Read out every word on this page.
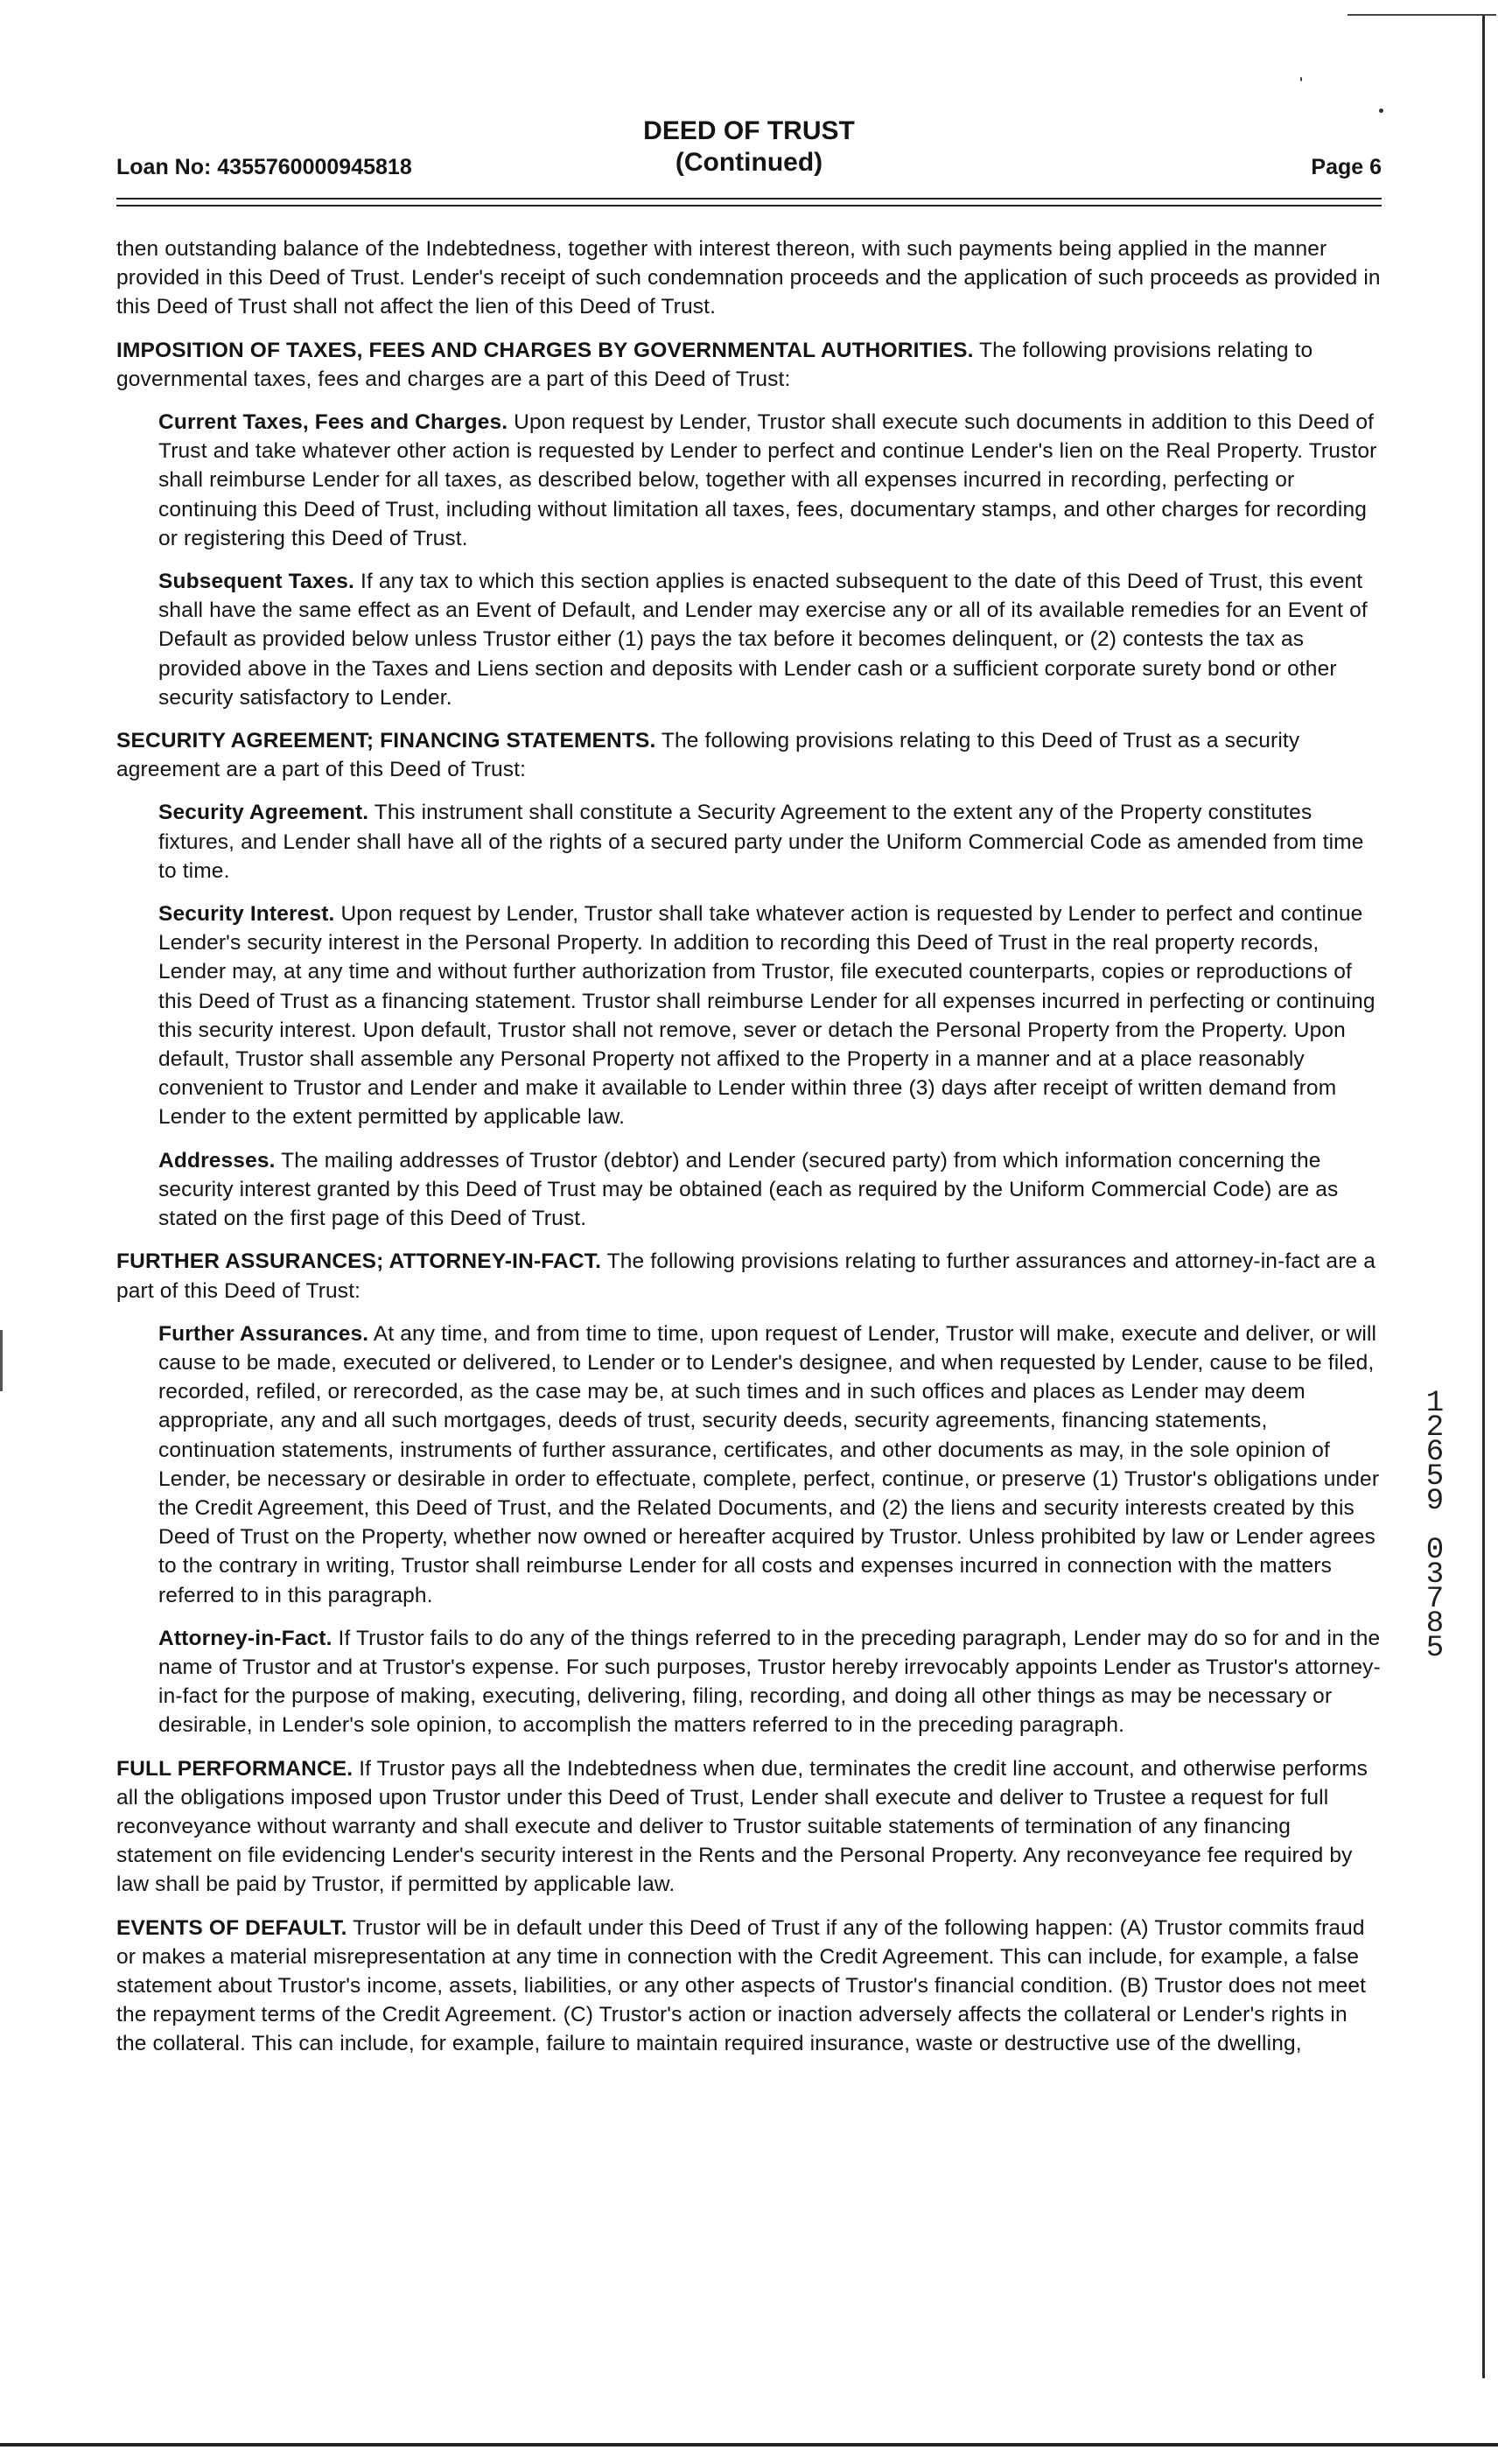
Loan No: 4355760000945818
DEED OF TRUST
(Continued)	Page 6

then outstanding balance of the Indebtedness, together with interest thereon, with such payments being applied in the manner provided in this Deed of Trust. Lender's receipt of such condemnation proceeds and the application of such proceeds as provided in this Deed of Trust shall not affect the lien of this Deed of Trust.

IMPOSITION OF TAXES, FEES AND CHARGES BY GOVERNMENTAL AUTHORITIES. The following provisions relating to governmental taxes, fees and charges are a part of this Deed of Trust:

Current Taxes, Fees and Charges. Upon request by Lender, Trustor shall execute such documents in addition to this Deed of Trust and take whatever other action is requested by Lender to perfect and continue Lender's lien on the Real Property. Trustor shall reimburse Lender for all taxes, as described below, together with all expenses incurred in recording, perfecting or continuing this Deed of Trust, including without limitation all taxes, fees, documentary stamps, and other charges for recording or registering this Deed of Trust.

Subsequent Taxes. If any tax to which this section applies is enacted subsequent to the date of this Deed of Trust, this event shall have the same effect as an Event of Default, and Lender may exercise any or all of its available remedies for an Event of Default as provided below unless Trustor either (1) pays the tax before it becomes delinquent, or (2) contests the tax as provided above in the Taxes and Liens section and deposits with Lender cash or a sufficient corporate surety bond or other security satisfactory to Lender.

SECURITY AGREEMENT; FINANCING STATEMENTS. The following provisions relating to this Deed of Trust as a security agreement are a part of this Deed of Trust:

Security Agreement. This instrument shall constitute a Security Agreement to the extent any of the Property constitutes fixtures, and Lender shall have all of the rights of a secured party under the Uniform Commercial Code as amended from time to time.

Security Interest. Upon request by Lender, Trustor shall take whatever action is requested by Lender to perfect and continue Lender's security interest in the Personal Property. In addition to recording this Deed of Trust in the real property records, Lender may, at any time and without further authorization from Trustor, file executed counterparts, copies or reproductions of this Deed of Trust as a financing statement. Trustor shall reimburse Lender for all expenses incurred in perfecting or continuing this security interest. Upon default, Trustor shall not remove, sever or detach the Personal Property from the Property. Upon default, Trustor shall assemble any Personal Property not affixed to the Property in a manner and at a place reasonably convenient to Trustor and Lender and make it available to Lender within three (3) days after receipt of written demand from Lender to the extent permitted by applicable law.

Addresses. The mailing addresses of Trustor (debtor) and Lender (secured party) from which information concerning the security interest granted by this Deed of Trust may be obtained (each as required by the Uniform Commercial Code) are as stated on the first page of this Deed of Trust.

FURTHER ASSURANCES; ATTORNEY-IN-FACT. The following provisions relating to further assurances and attorney-in-fact are a part of this Deed of Trust:

Further Assurances. At any time, and from time to time, upon request of Lender, Trustor will make, execute and deliver, or will cause to be made, executed or delivered, to Lender or to Lender's designee, and when requested by Lender, cause to be filed, recorded, refiled, or rerecorded, as the case may be, at such times and in such offices and places as Lender may deem appropriate, any and all such mortgages, deeds of trust, security deeds, security agreements, financing statements, continuation statements, instruments of further assurance, certificates, and other documents as may, in the sole opinion of Lender, be necessary or desirable in order to effectuate, complete, perfect, continue, or preserve (1) Trustor's obligations under the Credit Agreement, this Deed of Trust, and the Related Documents, and (2) the liens and security interests created by this Deed of Trust on the Property, whether now owned or hereafter acquired by Trustor. Unless prohibited by law or Lender agrees to the contrary in writing, Trustor shall reimburse Lender for all costs and expenses incurred in connection with the matters referred to in this paragraph.

Attorney-in-Fact. If Trustor fails to do any of the things referred to in the preceding paragraph, Lender may do so for and in the name of Trustor and at Trustor's expense. For such purposes, Trustor hereby irrevocably appoints Lender as Trustor's attorney-in-fact for the purpose of making, executing, delivering, filing, recording, and doing all other things as may be necessary or desirable, in Lender's sole opinion, to accomplish the matters referred to in the preceding paragraph.

FULL PERFORMANCE. If Trustor pays all the Indebtedness when due, terminates the credit line account, and otherwise performs all the obligations imposed upon Trustor under this Deed of Trust, Lender shall execute and deliver to Trustee a request for full reconveyance without warranty and shall execute and deliver to Trustor suitable statements of termination of any financing statement on file evidencing Lender's security interest in the Rents and the Personal Property. Any reconveyance fee required by law shall be paid by Trustor, if permitted by applicable law.

EVENTS OF DEFAULT. Trustor will be in default under this Deed of Trust if any of the following happen: (A) Trustor commits fraud or makes a material misrepresentation at any time in connection with the Credit Agreement. This can include, for example, a false statement about Trustor's income, assets, liabilities, or any other aspects of Trustor's financial condition. (B) Trustor does not meet the repayment terms of the Credit Agreement. (C) Trustor's action or inaction adversely affects the collateral or Lender's rights in the collateral. This can include, for example, failure to maintain required insurance, waste or destructive use of the dwelling,

1
2
6
5
9
0
3
7
8
5
